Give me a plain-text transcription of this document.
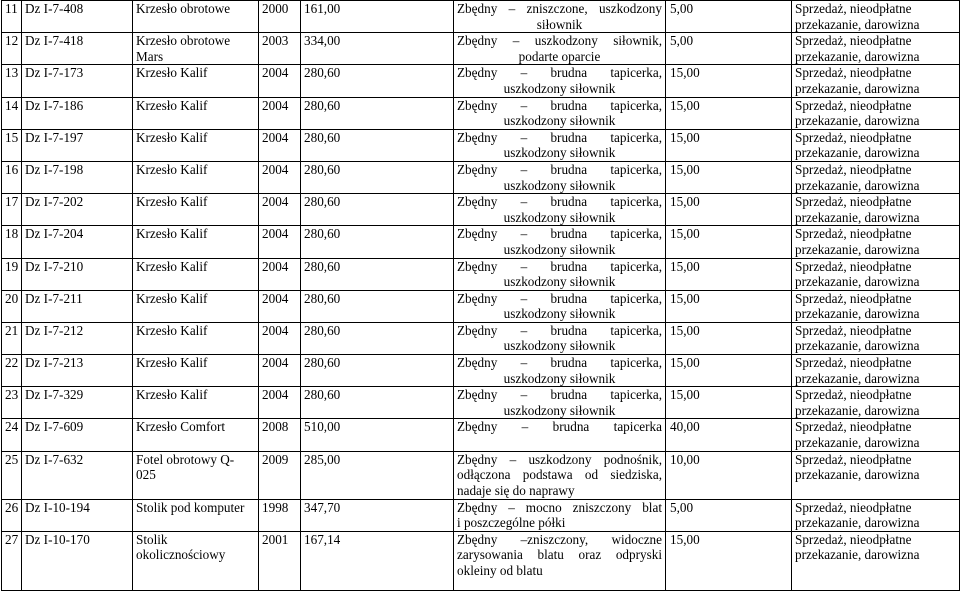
11	Dz I-7-408	Krzesło obrotowe	2000	161,00	Zbędny – zniszczone, uszkodzony
siłownik	5,00	Sprzedaż, nieodpłatne
przekazanie, darowizna

12	Dz I-7-418	Krzesło obrotowe
Mars	2003	334,00	Zbędny – uszkodzony siłownik,
podarte oparcie	5,00	Sprzedaż, nieodpłatne
przekazanie, darowizna

13	Dz I-7-173	Krzesło Kalif	2004	280,60	Zbędny – brudna tapicerka,
uszkodzony siłownik	15,00	Sprzedaż, nieodpłatne
przekazanie, darowizna

14	Dz I-7-186	Krzesło Kalif	2004	280,60	Zbędny – brudna tapicerka,
uszkodzony siłownik	15,00	Sprzedaż, nieodpłatne
przekazanie, darowizna

15	Dz I-7-197	Krzesło Kalif	2004	280,60	Zbędny – brudna tapicerka,
uszkodzony siłownik	15,00	Sprzedaż, nieodpłatne
przekazanie, darowizna

16	Dz I-7-198	Krzesło Kalif	2004	280,60	Zbędny – brudna tapicerka,
uszkodzony siłownik	15,00	Sprzedaż, nieodpłatne
przekazanie, darowizna

17	Dz I-7-202	Krzesło Kalif	2004	280,60	Zbędny – brudna tapicerka,
uszkodzony siłownik	15,00	Sprzedaż, nieodpłatne
przekazanie, darowizna

18	Dz I-7-204	Krzesło Kalif	2004	280,60	Zbędny – brudna tapicerka,
uszkodzony siłownik	15,00	Sprzedaż, nieodpłatne
przekazanie, darowizna

19	Dz I-7-210	Krzesło Kalif	2004	280,60	Zbędny – brudna tapicerka,
uszkodzony siłownik	15,00	Sprzedaż, nieodpłatne
przekazanie, darowizna

20	Dz I-7-211	Krzesło Kalif	2004	280,60	Zbędny – brudna tapicerka,
uszkodzony siłownik	15,00	Sprzedaż, nieodpłatne
przekazanie, darowizna

21	Dz I-7-212	Krzesło Kalif	2004	280,60	Zbędny – brudna tapicerka,
uszkodzony siłownik	15,00	Sprzedaż, nieodpłatne
przekazanie, darowizna

22	Dz I-7-213	Krzesło Kalif	2004	280,60	Zbędny – brudna tapicerka,
uszkodzony siłownik	15,00	Sprzedaż, nieodpłatne
przekazanie, darowizna

23	Dz I-7-329	Krzesło Kalif	2004	280,60	Zbędny – brudna tapicerka,
uszkodzony siłownik	15,00	Sprzedaż, nieodpłatne
przekazanie, darowizna

24	Dz I-7-609	Krzesło Comfort	2008	510,00	Zbędny – brudna tapicerka	40,00	Sprzedaż, nieodpłatne
przekazanie, darowizna

25	Dz I-7-632	Fotel obrotowy Q-
025	2009	285,00	Zbędny – uszkodzony podnośnik,
odłączona podstawa od siedziska,
nadaje się do naprawy	10,00	Sprzedaż, nieodpłatne
przekazanie, darowizna

26	Dz I-10-194	Stolik pod komputer	1998	347,70	Zbędny – mocno zniszczony blat
i poszczególne półki	5,00	Sprzedaż, nieodpłatne
przekazanie, darowizna

27	Dz I-10-170	Stolik
okolicznościowy	2001	167,14	Zbędny –zniszczony, widoczne
zarysowania blatu oraz odpryski
okleiny od blatu	15,00	Sprzedaż, nieodpłatne
przekazanie, darowizna
